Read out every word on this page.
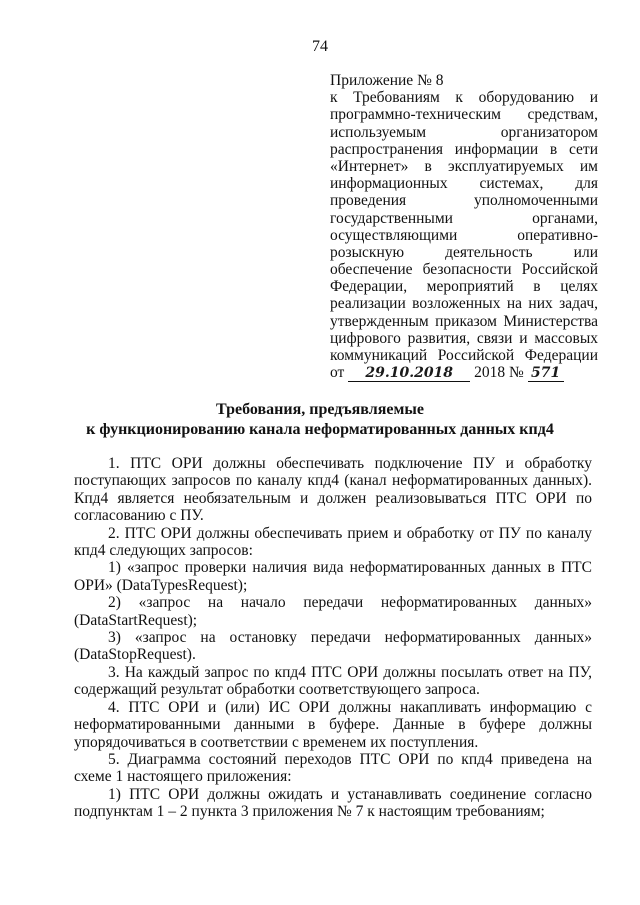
74
Приложение № 8
к Требованиям к оборудованию и
программно-техническим средствам,
используемым организатором
распространения информации в сети
«Интернет» в эксплуатируемых им
информационных системах, для
проведения уполномоченными
государственными органами,
осуществляющими оперативно-
розыскную деятельность или
обеспечение безопасности Российской
Федерации, мероприятий в целях
реализации возложенных на них задач,
утвержденным приказом Министерства
цифрового развития, связи и массовых
коммуникаций Российской Федерации
от 29.10.2018 2018 № 571
Требования, предъявляемые
к функционированию канала неформатированных данных кпд4

1. ПТС ОРИ должны обеспечивать подключение ПУ и обработку поступающих запросов по каналу кпд4 (канал неформатированных данных). Кпд4 является необязательным и должен реализовываться ПТС ОРИ по согласованию с ПУ.

2. ПТС ОРИ должны обеспечивать прием и обработку от ПУ по каналу кпд4 следующих запросов:

1) «запрос проверки наличия вида неформатированных данных в ПТС ОРИ» (DataTypesRequest);

2) «запрос на начало передачи неформатированных данных» (DataStartRequest);

3) «запрос на остановку передачи неформатированных данных» (DataStopRequest).

3. На каждый запрос по кпд4 ПТС ОРИ должны посылать ответ на ПУ, содержащий результат обработки соответствующего запроса.

4. ПТС ОРИ и (или) ИС ОРИ должны накапливать информацию с неформатированными данными в буфере. Данные в буфере должны упорядочиваться в соответствии с временем их поступления.

5. Диаграмма состояний переходов ПТС ОРИ по кпд4 приведена на схеме 1 настоящего приложения:

1) ПТС ОРИ должны ожидать и устанавливать соединение согласно подпунктам 1 – 2 пункта 3 приложения № 7 к настоящим требованиям;
